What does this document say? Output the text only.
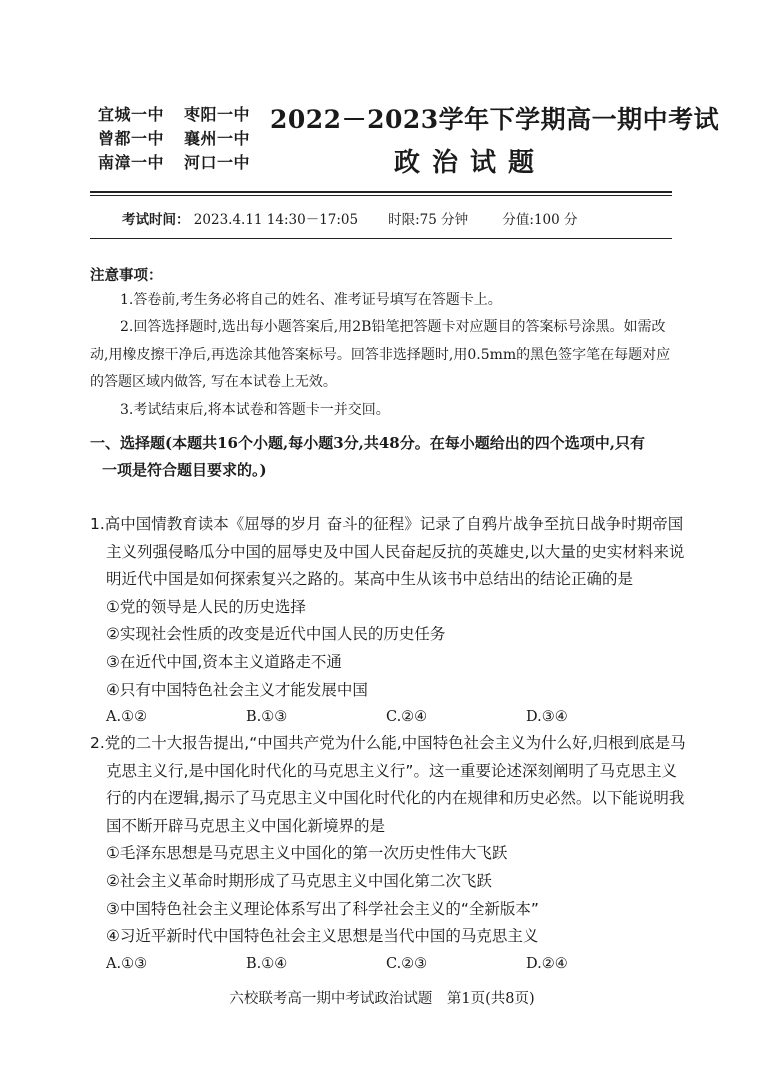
宜城一中	枣阳一中
曾都一中	襄州一中
南漳一中	河口一中
2022－2023学年下学期高一期中考试
政治试题
考试时间： 2023.4.11 14:30－17:05 时限:75 分钟	分值:100 分
注意事项：
1.答卷前,考生务必将自己的姓名、准考证号填写在答题卡上。
2.回答选择题时,选出每小题答案后,用2B铅笔把答题卡对应题目的答案标号涂黑。如需改动,用橡皮擦干净后,再选涂其他答案标号。回答非选择题时,用0.5mm的黑色签字笔在每题对应的答题区域内做答, 写在本试卷上无效。
3.考试结束后,将本试卷和答题卡一并交回。
一、选择题(本题共16个小题,每小题3分,共48分。在每小题给出的四个选项中,只有
一项是符合题目要求的。)
1.高中国情教育读本《屈辱的岁月 奋斗的征程》记录了自鸦片战争至抗日战争时期帝国主义列强侵略瓜分中国的屈辱史及中国人民奋起反抗的英雄史,以大量的史实材料来说明近代中国是如何探索复兴之路的。某高中生从该书中总结出的结论正确的是
①党的领导是人民的历史选择
②实现社会性质的改变是近代中国人民的历史任务
③在近代中国,资本主义道路走不通
④只有中国特色社会主义才能发展中国
A.①②	B.①③	C.②④	D.③④
2.党的二十大报告提出,“中国共产党为什么能,中国特色社会主义为什么好,归根到底是马克思主义行,是中国化时代化的马克思主义行”。这一重要论述深刻阐明了马克思主义行的内在逻辑,揭示了马克思主义中国化时代化的内在规律和历史必然。以下能说明我国不断开辟马克思主义中国化新境界的是
①毛泽东思想是马克思主义中国化的第一次历史性伟大飞跃
②社会主义革命时期形成了马克思主义中国化第二次飞跃
③中国特色社会主义理论体系写出了科学社会主义的“全新版本”
④习近平新时代中国特色社会主义思想是当代中国的马克思主义
A.①③	B.①④	C.②③	D.②④
六校联考高一期中考试政治试题　第1页(共8页)
